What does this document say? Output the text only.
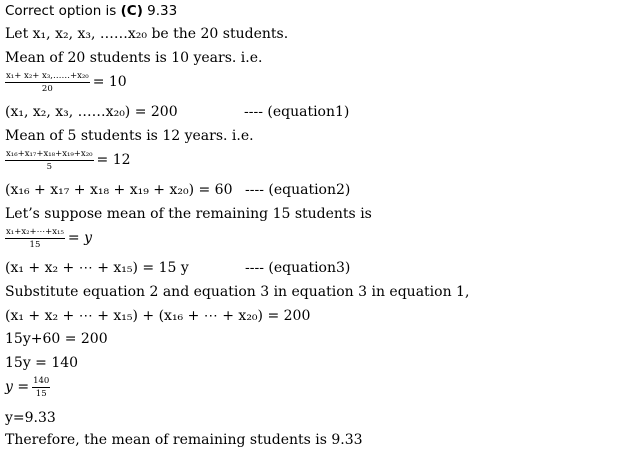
Correct option is (C) 9.33
Let x₁, x₂, x₃, ……x₂₀ be the 20 students.
Mean of 20 students is 10 years. i.e.
$\frac{\text{x₁+ x₂+ x₃,……+x₂₀}}{20} = 10$
(x₁, x₂, x₃, ……x₂₀) = 200	---- (equation1)
Mean of 5 students is 12 years. i.e.
$\frac{\text{x₁₆+x₁₇+x₁₈+x₁₉+x₂₀}}{5} = 12$
(x₁₆ + x₁₇ + x₁₈ + x₁₉ + x₂₀) = 60 ---- (equation2)
Let’s suppose mean of the remaining 15 students is
$\frac{\text{x₁+x₂+⋯+x₁₅}}{15} = y$
(x₁ + x₂ + ⋯ + x₁₅) = 15 y	---- (equation3)
Substitute equation 2 and equation 3 in equation 3 in equation 1,
(x₁ + x₂ + ⋯ + x₁₅) + (x₁₆ + ⋯ + x₂₀) = 200
15y+60 = 200
15y = 140
$y = \frac{140}{15}$
y=9.33
Therefore, the mean of remaining students is 9.33
